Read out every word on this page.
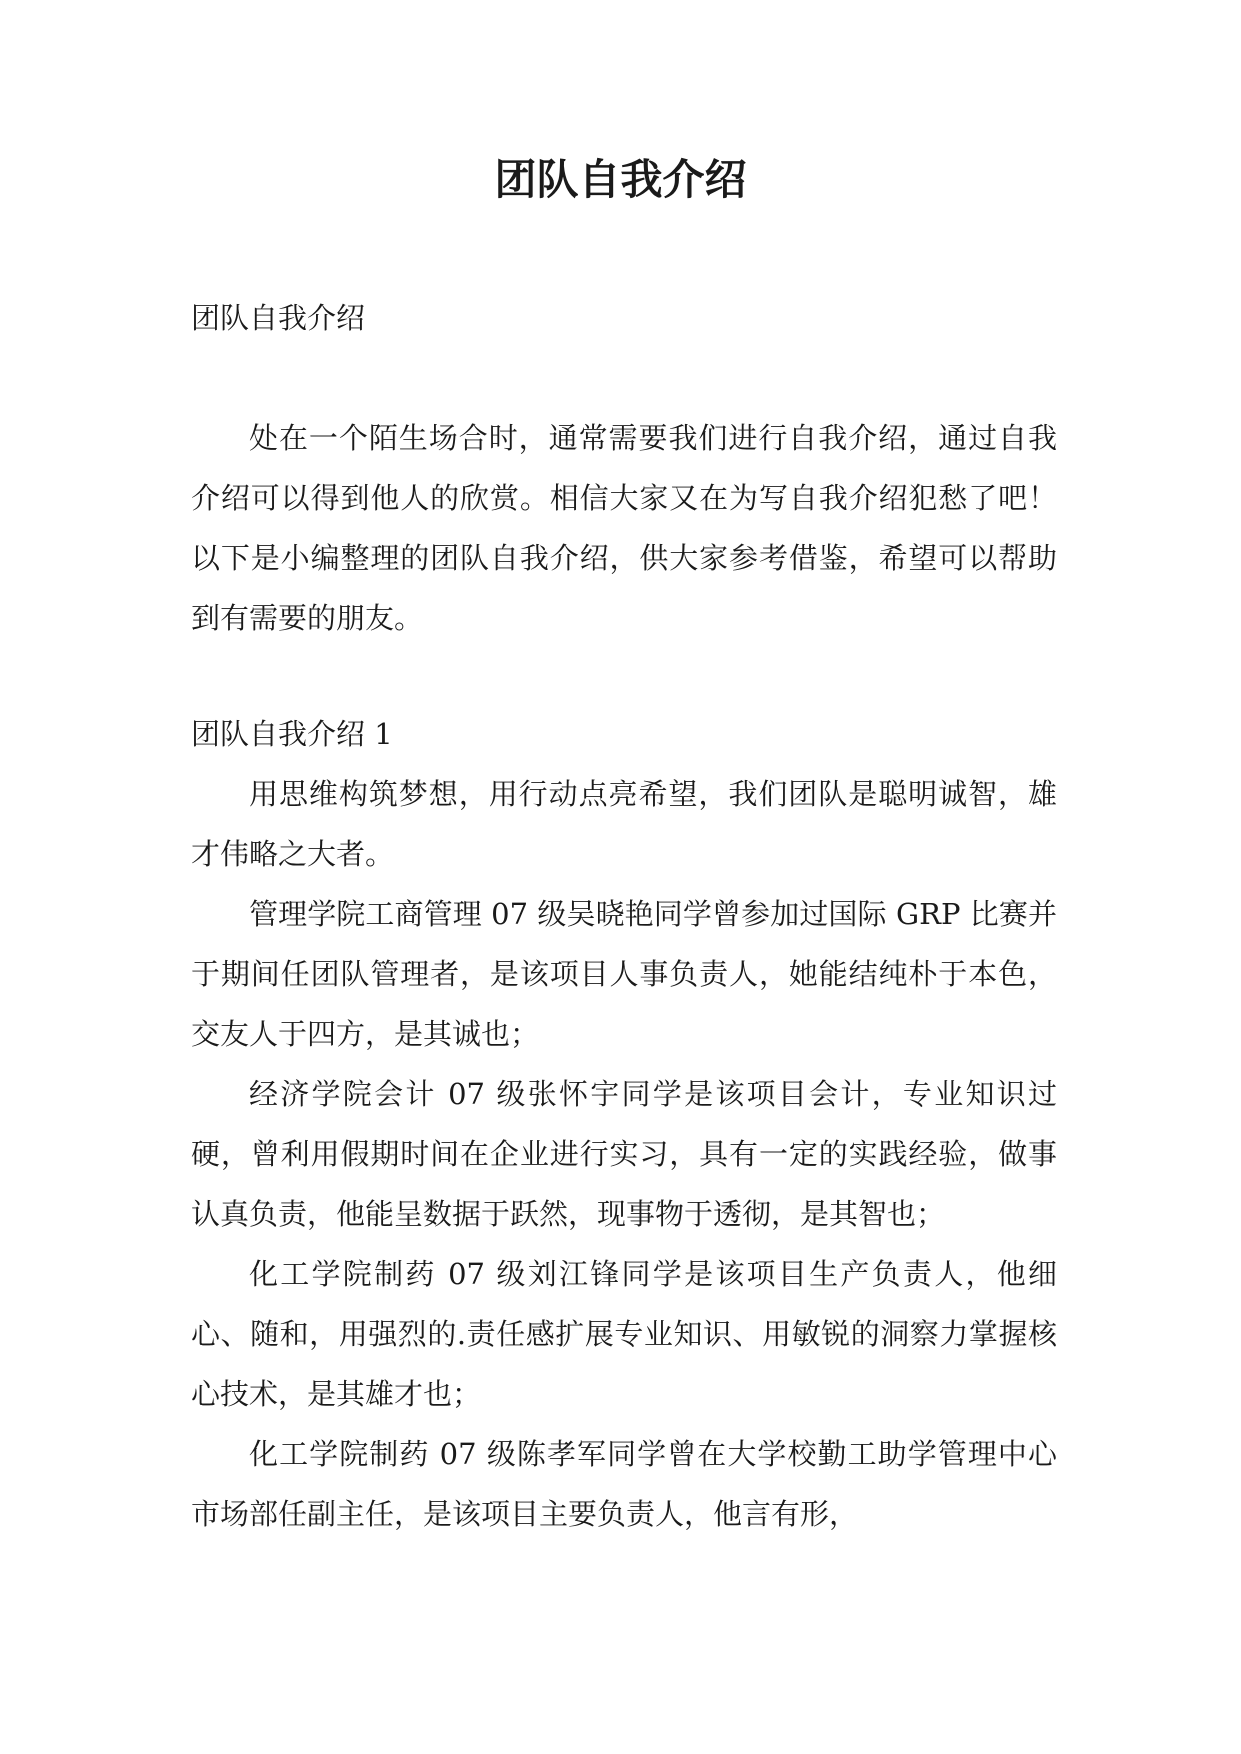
团队自我介绍

团队自我介绍

处在一个陌生场合时，通常需要我们进行自我介绍，通过自我介绍可以得到他人的欣赏。相信大家又在为写自我介绍犯愁了吧！以下是小编整理的团队自我介绍，供大家参考借鉴，希望可以帮助到有需要的朋友。

团队自我介绍 1

用思维构筑梦想，用行动点亮希望，我们团队是聪明诚智，雄才伟略之大者。

管理学院工商管理 07 级吴晓艳同学曾参加过国际 GRP 比赛并于期间任团队管理者，是该项目人事负责人，她能结纯朴于本色，交友人于四方，是其诚也；

经济学院会计 07 级张怀宇同学是该项目会计，专业知识过硬，曾利用假期时间在企业进行实习，具有一定的实践经验，做事认真负责，他能呈数据于跃然，现事物于透彻，是其智也；

化工学院制药 07 级刘江锋同学是该项目生产负责人，他细心、随和，用强烈的.责任感扩展专业知识、用敏锐的洞察力掌握核心技术，是其雄才也；

化工学院制药 07 级陈孝军同学曾在大学校勤工助学管理中心市场部任副主任，是该项目主要负责人，他言有形，
